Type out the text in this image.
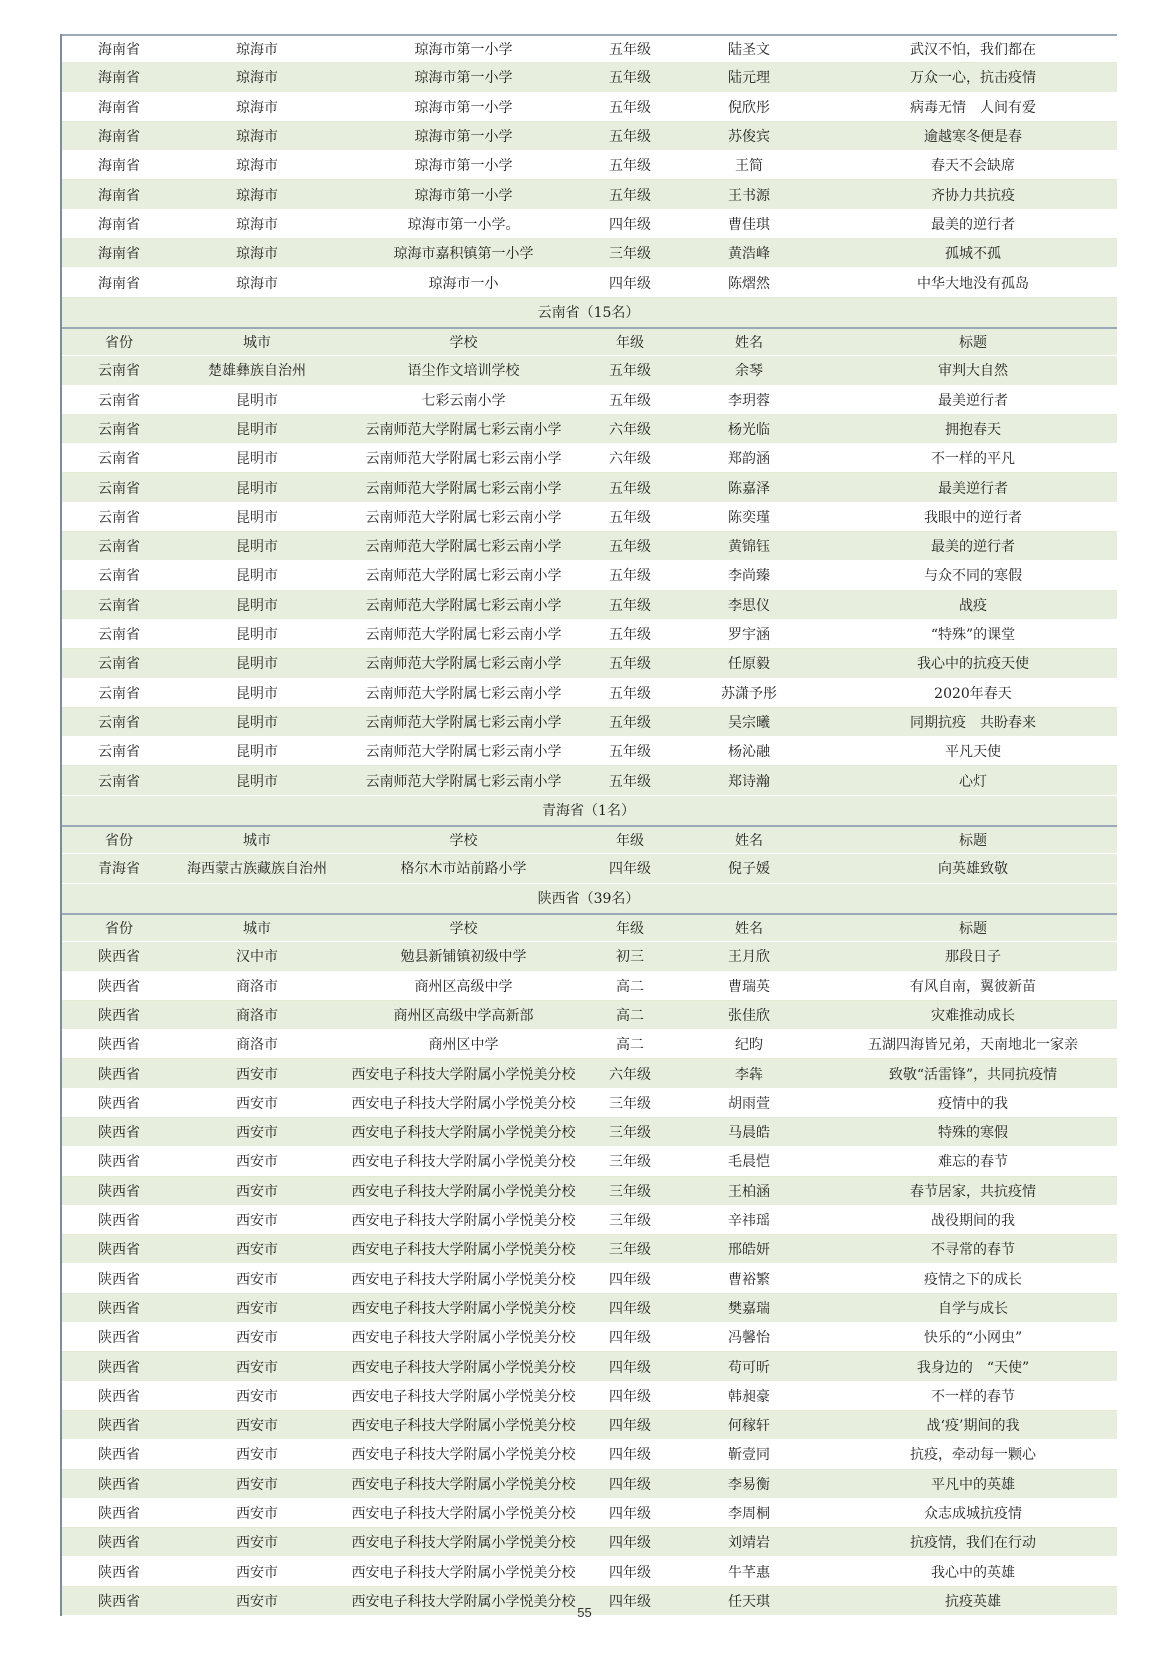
海南省	琼海市	琼海市第一小学	五年级	陆圣文	武汉不怕，我们都在
海南省	琼海市	琼海市第一小学	五年级	陆元理	万众一心，抗击疫情
海南省	琼海市	琼海市第一小学	五年级	倪欣彤	病毒无情　人间有爱
海南省	琼海市	琼海市第一小学	五年级	苏俊宾	逾越寒冬便是春
海南省	琼海市	琼海市第一小学	五年级	王简	春天不会缺席
海南省	琼海市	琼海市第一小学	五年级	王书源	齐协力共抗疫
海南省	琼海市	琼海市第一小学。	四年级	曹佳琪	最美的逆行者
海南省	琼海市	琼海市嘉积镇第一小学	三年级	黄浩峰	孤城不孤
海南省	琼海市	琼海市一小	四年级	陈熠然	中华大地没有孤岛
云南省（15名）
省份	城市	学校	年级	姓名	标题
云南省	楚雄彝族自治州	语尘作文培训学校	五年级	余琴	审判大自然
云南省	昆明市	七彩云南小学	五年级	李玥蓉	最美逆行者
云南省	昆明市	云南师范大学附属七彩云南小学	六年级	杨光临	拥抱春天
云南省	昆明市	云南师范大学附属七彩云南小学	六年级	郑韵涵	不一样的平凡
云南省	昆明市	云南师范大学附属七彩云南小学	五年级	陈嘉泽	最美逆行者
云南省	昆明市	云南师范大学附属七彩云南小学	五年级	陈奕瑾	我眼中的逆行者
云南省	昆明市	云南师范大学附属七彩云南小学	五年级	黄锦钰	最美的逆行者
云南省	昆明市	云南师范大学附属七彩云南小学	五年级	李尚臻	与众不同的寒假
云南省	昆明市	云南师范大学附属七彩云南小学	五年级	李思仪	战疫
云南省	昆明市	云南师范大学附属七彩云南小学	五年级	罗宇涵	“特殊”的课堂
云南省	昆明市	云南师范大学附属七彩云南小学	五年级	任原毅	我心中的抗疫天使
云南省	昆明市	云南师范大学附属七彩云南小学	五年级	苏潇予彤	2020年春天
云南省	昆明市	云南师范大学附属七彩云南小学	五年级	吴宗曦	同期抗疫　共盼春来
云南省	昆明市	云南师范大学附属七彩云南小学	五年级	杨沁融	平凡天使
云南省	昆明市	云南师范大学附属七彩云南小学	五年级	郑诗瀚	心灯
青海省（1名）
省份	城市	学校	年级	姓名	标题
青海省	海西蒙古族藏族自治州	格尔木市站前路小学	四年级	倪子媛	向英雄致敬
陕西省（39名）
省份	城市	学校	年级	姓名	标题
陕西省	汉中市	勉县新铺镇初级中学	初三	王月欣	那段日子
陕西省	商洛市	商州区高级中学	高二	曹瑞英	有风自南，翼彼新苗
陕西省	商洛市	商州区高级中学高新部	高二	张佳欣	灾难推动成长
陕西省	商洛市	商州区中学	高二	纪昀	五湖四海皆兄弟，天南地北一家亲
陕西省	西安市	西安电子科技大学附属小学悦美分校	六年级	李犇	致敬“活雷锋”，共同抗疫情
陕西省	西安市	西安电子科技大学附属小学悦美分校	三年级	胡雨萱	疫情中的我
陕西省	西安市	西安电子科技大学附属小学悦美分校	三年级	马晨皓	特殊的寒假
陕西省	西安市	西安电子科技大学附属小学悦美分校	三年级	毛晨恺	难忘的春节
陕西省	西安市	西安电子科技大学附属小学悦美分校	三年级	王柏涵	春节居家，共抗疫情
陕西省	西安市	西安电子科技大学附属小学悦美分校	三年级	辛祎瑶	战役期间的我
陕西省	西安市	西安电子科技大学附属小学悦美分校	三年级	邢皓妍	不寻常的春节
陕西省	西安市	西安电子科技大学附属小学悦美分校	四年级	曹裕繁	疫情之下的成长
陕西省	西安市	西安电子科技大学附属小学悦美分校	四年级	樊嘉瑞	自学与成长
陕西省	西安市	西安电子科技大学附属小学悦美分校	四年级	冯馨怡	快乐的“小网虫”
陕西省	西安市	西安电子科技大学附属小学悦美分校	四年级	苟可昕	我身边的　“天使”
陕西省	西安市	西安电子科技大学附属小学悦美分校	四年级	韩昶豪	不一样的春节
陕西省	西安市	西安电子科技大学附属小学悦美分校	四年级	何稼轩	战‘疫’期间的我
陕西省	西安市	西安电子科技大学附属小学悦美分校	四年级	靳壹同	抗疫，牵动每一颗心
陕西省	西安市	西安电子科技大学附属小学悦美分校	四年级	李易衡	平凡中的英雄
陕西省	西安市	西安电子科技大学附属小学悦美分校	四年级	李周桐	众志成城抗疫情
陕西省	西安市	西安电子科技大学附属小学悦美分校	四年级	刘靖岩	抗疫情，我们在行动
陕西省	西安市	西安电子科技大学附属小学悦美分校	四年级	牛芊惠	我心中的英雄
陕西省	西安市	西安电子科技大学附属小学悦美分校	四年级	任天琪	抗疫英雄
55
